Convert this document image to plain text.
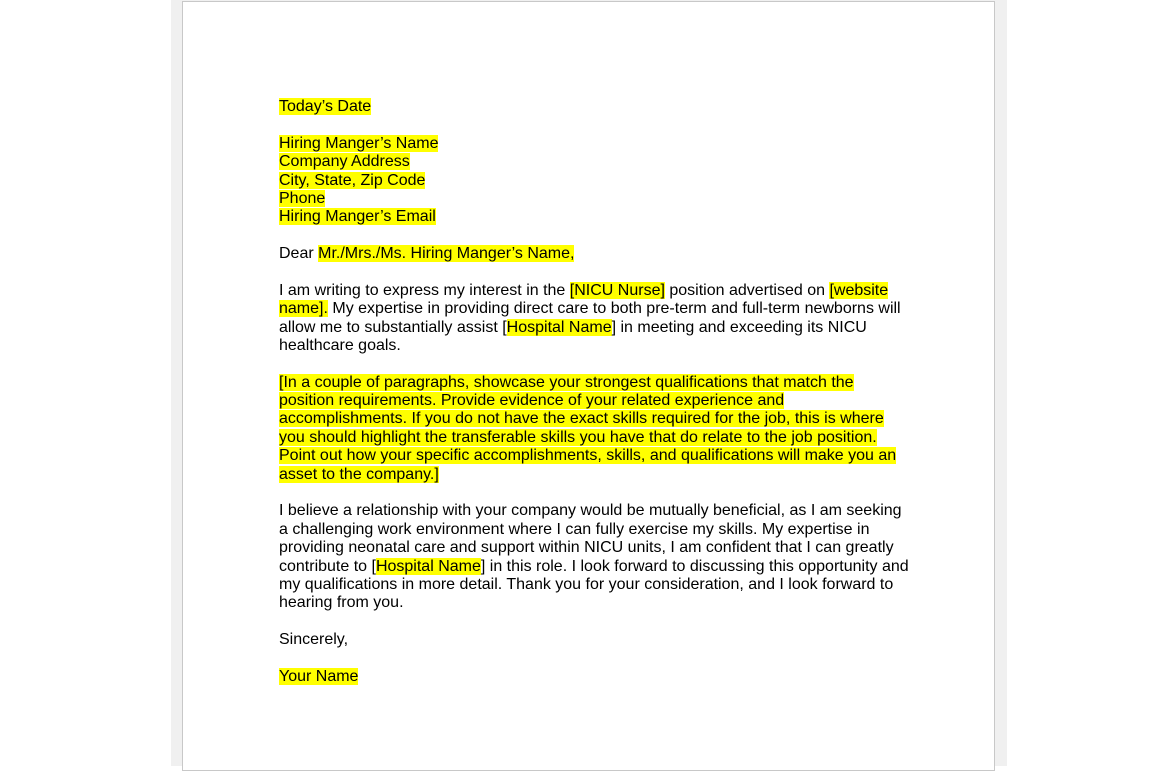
Today’s Date

Hiring Manger’s Name
Company Address
City, State, Zip Code
Phone
Hiring Manger’s Email

Dear Mr./Mrs./Ms. Hiring Manger’s Name,

I am writing to express my interest in the [NICU Nurse] position advertised on [website name]. My expertise in providing direct care to both pre-term and full-term newborns will allow me to substantially assist [Hospital Name] in meeting and exceeding its NICU healthcare goals.

[In a couple of paragraphs, showcase your strongest qualifications that match the position requirements. Provide evidence of your related experience and accomplishments. If you do not have the exact skills required for the job, this is where you should highlight the transferable skills you have that do relate to the job position. Point out how your specific accomplishments, skills, and qualifications will make you an asset to the company.]

I believe a relationship with your company would be mutually beneficial, as I am seeking a challenging work environment where I can fully exercise my skills. My expertise in providing neonatal care and support within NICU units, I am confident that I can greatly contribute to [Hospital Name] in this role. I look forward to discussing this opportunity and my qualifications in more detail. Thank you for your consideration, and I look forward to hearing from you.

Sincerely,

Your Name
